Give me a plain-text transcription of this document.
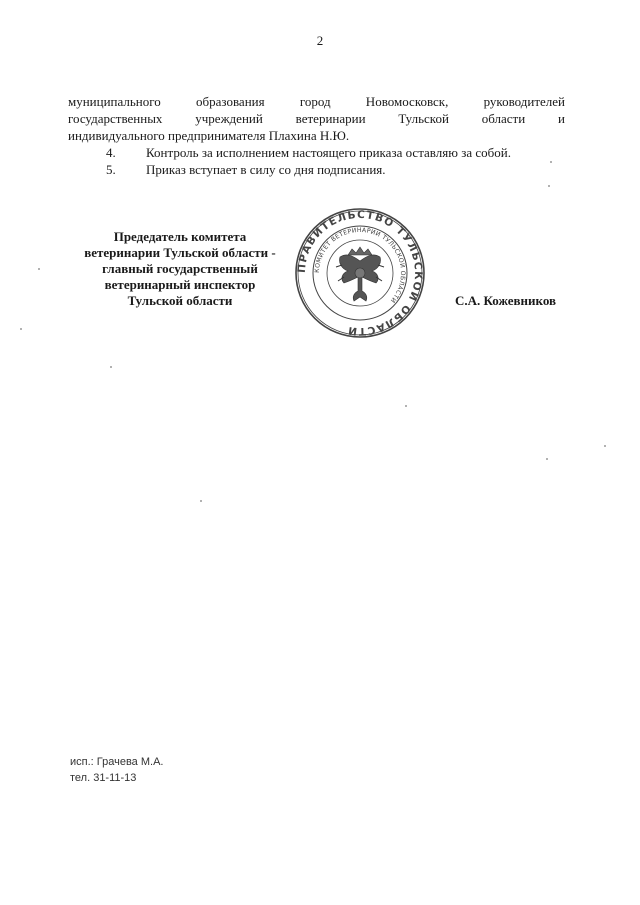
2
муниципального образования город Новомосковск, руководителей
государственных учреждений ветеринарии Тульской области и
индивидуального предпринимателя Плахина Н.Ю.
4.	Контроль за исполнением настоящего приказа оставляю за собой.
5.	Приказ вступает в силу со дня подписания.
Предедатель комитета
ветеринарии Тульской области -
главный государственный
ветеринарный инспектор
Тульской области
ПРАВИТЕЛЬСТВО ТУЛЬСКОЙ ОБЛАСТИ
КОМИТЕТ ВЕТЕРИНАРИИ ТУЛЬСКОЙ ОБЛАСТИ	С.А. Кожевников
исп.: Грачева М.А.
тел. 31-11-13
